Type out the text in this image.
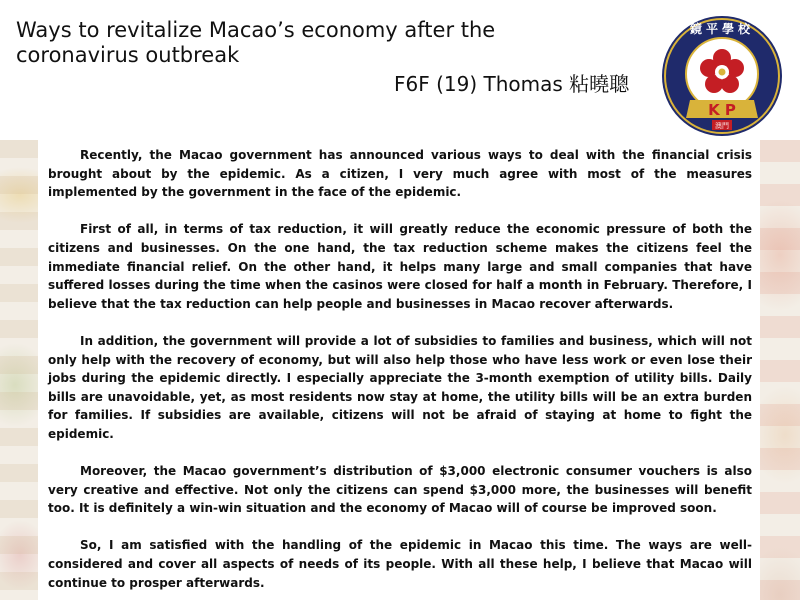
Ways to revitalize Macao’s economy after the coronavirus outbreak
F6F (19) Thomas 粘曉聰
鏡平學校
K P
澳門

Recently, the Macao government has announced various ways to deal with the financial crisis brought about by the epidemic. As a citizen, I very much agree with most of the measures implemented by the government in the face of the epidemic.

First of all, in terms of tax reduction, it will greatly reduce the economic pressure of both the citizens and businesses. On the one hand, the tax reduction scheme makes the citizens feel the immediate financial relief. On the other hand, it helps many large and small companies that have suffered losses during the time when the casinos were closed for half a month in February. Therefore, I believe that the tax reduction can help people and businesses in Macao recover afterwards.

In addition, the government will provide a lot of subsidies to families and business, which will not only help with the recovery of economy, but will also help those who have less work or even lose their jobs during the epidemic directly. I especially appreciate the 3-month exemption of utility bills. Daily bills are unavoidable, yet, as most residents now stay at home, the utility bills will be an extra burden for families. If subsidies are available, citizens will not be afraid of staying at home to fight the epidemic.

Moreover, the Macao government’s distribution of $3,000 electronic consumer vouchers is also very creative and effective. Not only the citizens can spend $3,000 more, the businesses will benefit too. It is definitely a win-win situation and the economy of Macao will of course be improved soon.

So, I am satisfied with the handling of the epidemic in Macao this time. The ways are well-considered and cover all aspects of needs of its people. With all these help, I believe that Macao will continue to prosper afterwards.
